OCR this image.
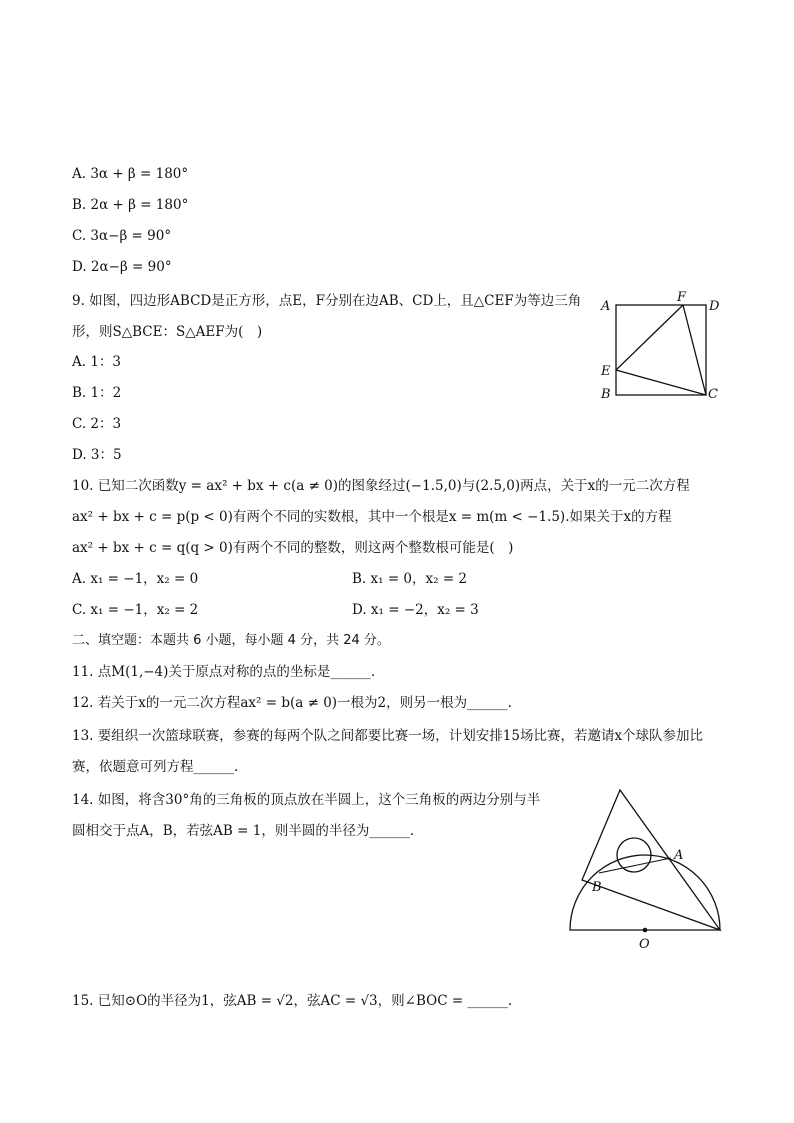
A. 3α + β = 180°
B. 2α + β = 180°
C. 3α−β = 90°
D. 2α−β = 90°
9. 如图，四边形ABCD是正方形，点E，F分别在边AB、CD上，且△CEF为等边三角
形，则S△BCE：S△AEF为(　)
A. 1：3
B. 1：2
C. 2：3
D. 3：5
A	D
F
E
B	C
10. 已知二次函数y = ax² + bx + c(a ≠ 0)的图象经过(−1.5,0)与(2.5,0)两点，关于x的一元二次方程
ax² + bx + c = p(p < 0)有两个不同的实数根，其中一个根是x = m(m < −1.5).如果关于x的方程
ax² + bx + c = q(q > 0)有两个不同的整数，则这两个整数根可能是(　)
A. x₁ = −1，x₂ = 0	B. x₁ = 0，x₂ = 2
C. x₁ = −1，x₂ = 2	D. x₁ = −2，x₂ = 3
二、填空题：本题共 6 小题，每小题 4 分，共 24 分。
11. 点M(1,−4)关于原点对称的点的坐标是______.
12. 若关于x的一元二次方程ax² = b(a ≠ 0)一根为2，则另一根为______.
13. 要组织一次篮球联赛，参赛的每两个队之间都要比赛一场，计划安排15场比赛，若邀请x个球队参加比
赛，依题意可列方程______.
14. 如图，将含30°角的三角板的顶点放在半圆上，这个三角板的两边分别与半
圆相交于点A，B，若弦AB = 1，则半圆的半径为______.
A
B
O
15. 已知⊙O的半径为1，弦AB = √2，弦AC = √3，则∠BOC = ______.
